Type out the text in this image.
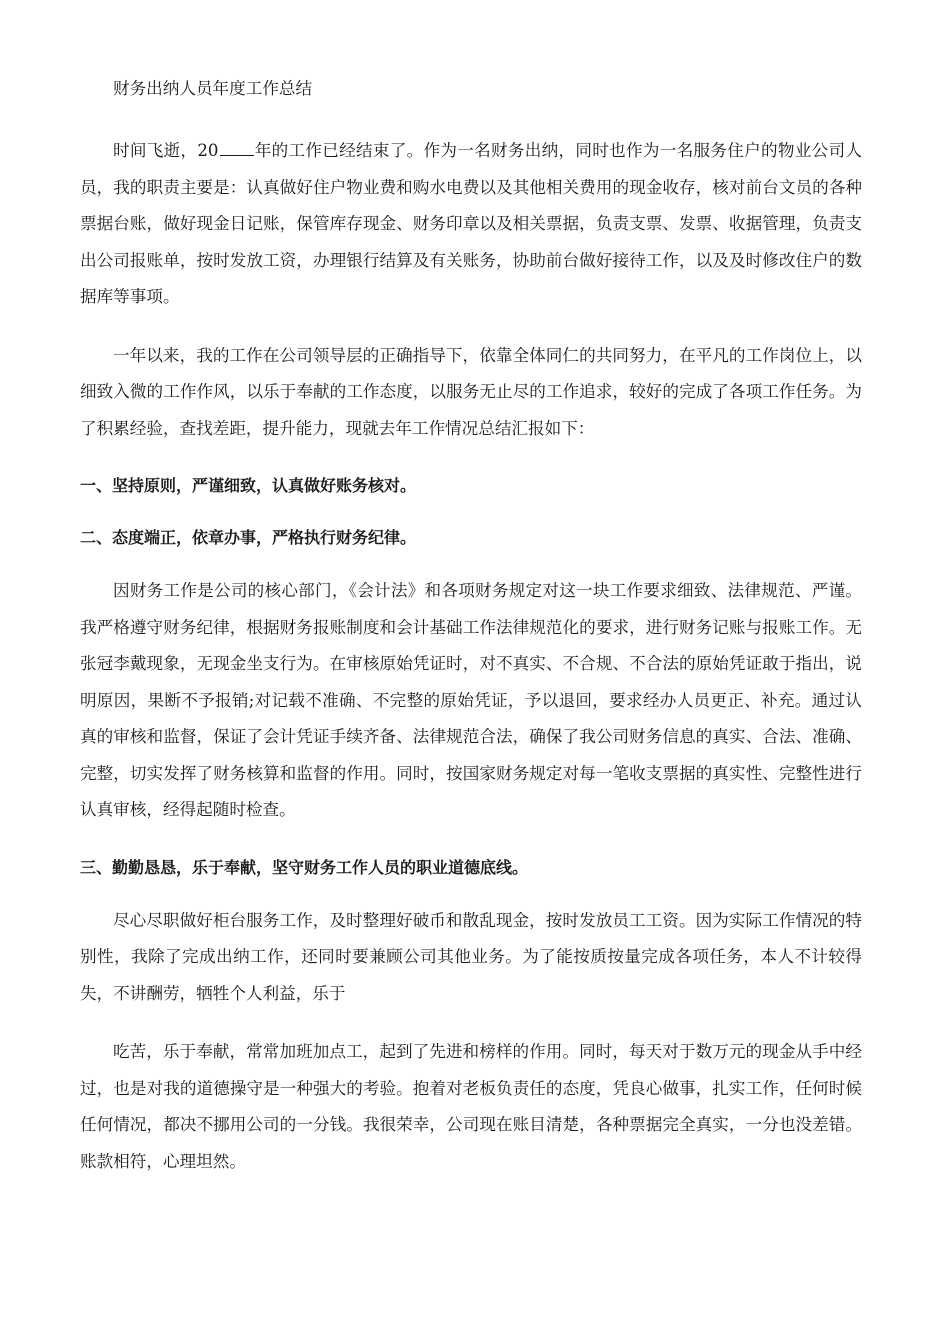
财务出纳人员年度工作总结

时间飞逝，20 年的工作已经结束了。作为一名财务出纳，同时也作为一名服务住户的物业公司人员，我的职责主要是：认真做好住户物业费和购水电费以及其他相关费用的现金收存，核对前台文员的各种票据台账，做好现金日记账，保管库存现金、财务印章以及相关票据，负责支票、发票、收据管理，负责支出公司报账单，按时发放工资，办理银行结算及有关账务，协助前台做好接待工作，以及及时修改住户的数据库等事项。

一年以来，我的工作在公司领导层的正确指导下，依靠全体同仁的共同努力，在平凡的工作岗位上，以细致入微的工作作风，以乐于奉献的工作态度，以服务无止尽的工作追求，较好的完成了各项工作任务。为了积累经验，查找差距，提升能力，现就去年工作情况总结汇报如下：

一、坚持原则，严谨细致，认真做好账务核对。

二、态度端正，依章办事，严格执行财务纪律。

因财务工作是公司的核心部门，《会计法》和各项财务规定对这一块工作要求细致、法律规范、严谨。我严格遵守财务纪律，根据财务报账制度和会计基础工作法律规范化的要求，进行财务记账与报账工作。无张冠李戴现象，无现金坐支行为。在审核原始凭证时，对不真实、不合规、不合法的原始凭证敢于指出，说明原因，果断不予报销;对记载不准确、不完整的原始凭证，予以退回，要求经办人员更正、补充。通过认真的审核和监督，保证了会计凭证手续齐备、法律规范合法，确保了我公司财务信息的真实、合法、准确、完整，切实发挥了财务核算和监督的作用。同时，按国家财务规定对每一笔收支票据的真实性、完整性进行认真审核，经得起随时检查。

三、勤勤恳恳，乐于奉献，坚守财务工作人员的职业道德底线。

尽心尽职做好柜台服务工作，及时整理好破币和散乱现金，按时发放员工工资。因为实际工作情况的特别性，我除了完成出纳工作，还同时要兼顾公司其他业务。为了能按质按量完成各项任务，本人不计较得失，不讲酬劳，牺牲个人利益，乐于

吃苦，乐于奉献，常常加班加点工，起到了先进和榜样的作用。同时，每天对于数万元的现金从手中经过，也是对我的道德操守是一种强大的考验。抱着对老板负责任的态度，凭良心做事，扎实工作，任何时候任何情况，都决不挪用公司的一分钱。我很荣幸，公司现在账目清楚，各种票据完全真实，一分也没差错。账款相符，心理坦然。
